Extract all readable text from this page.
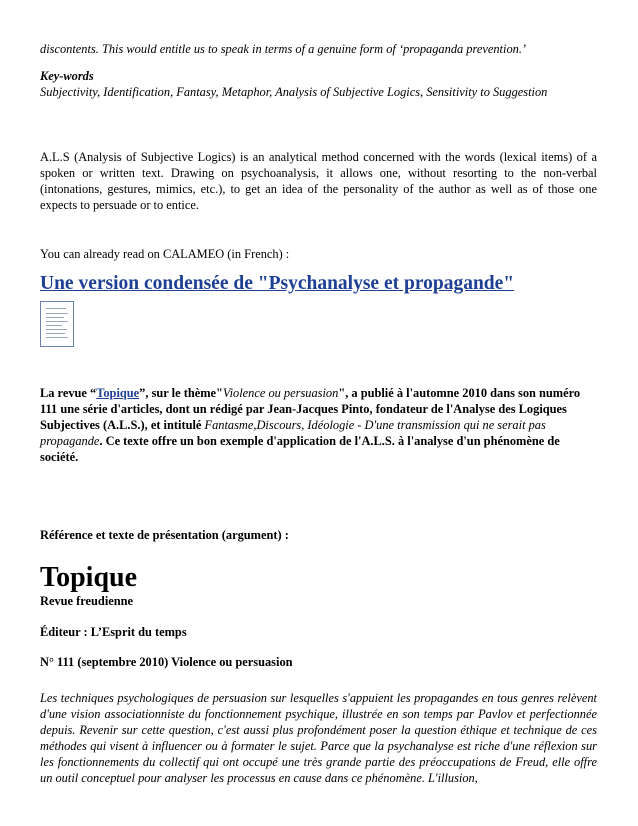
discontents. This would entitle us to speak in terms of a genuine form of ‘propaganda prevention.’

Key-words

Subjectivity, Identification, Fantasy, Metaphor, Analysis of Subjective Logics, Sensitivity to Suggestion

A.L.S (Analysis of Subjective Logics) is an analytical method concerned with the words (lexical items) of a spoken or written text. Drawing on psychoanalysis, it allows one, without resorting to the non-verbal (intonations, gestures, mimics, etc.), to get an idea of the personality of the author as well as of those one expects to persuade or to entice.

You can already read on CALAMEO (in French) :

Une version condensée de "Psychanalyse et propagande"

La revue “Topique”, sur le thème"Violence ou persuasion", a publié à l'automne 2010 dans son numéro 111 une série d'articles, dont un rédigé par Jean-Jacques Pinto, fondateur de l'Analyse des Logiques Subjectives (A.L.S.), et intitulé Fantasme,Discours, Idéologie - D'une transmission qui ne serait pas propagande. Ce texte offre un bon exemple d'application de l'A.L.S. à l'analyse d'un phénomène de société.

Référence et texte de présentation (argument) :

Topique

Revue freudienne

Éditeur : L’Esprit du temps

N° 111 (septembre 2010) Violence ou persuasion

Les techniques psychologiques de persuasion sur lesquelles s'appuient les propagandes en tous genres relèvent d'une vision associationniste du fonctionnement psychique, illustrée en son temps par Pavlov et perfectionnée depuis. Revenir sur cette question, c'est aussi plus profondément poser la question éthique et technique de ces méthodes qui visent à influencer ou à formater le sujet. Parce que la psychanalyse est riche d'une réflexion sur les fonctionnements du collectif qui ont occupé une très grande partie des préoccupations de Freud, elle offre un outil conceptuel pour analyser les processus en cause dans ce phénomène. L'illusion,
